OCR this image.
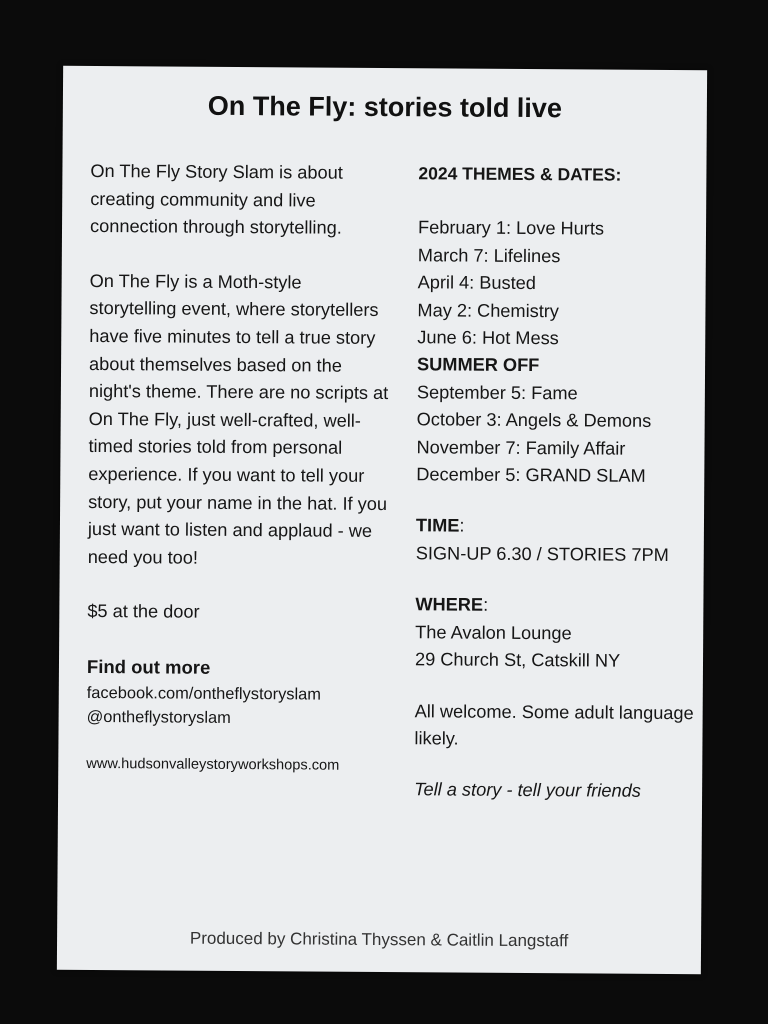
On The Fly: stories told live

On The Fly Story Slam is about creating community and live connection through storytelling.

On The Fly is a Moth-style storytelling event, where storytellers have five minutes to tell a true story about themselves based on the night's theme. There are no scripts at On The Fly, just well-crafted, well-timed stories told from personal experience. If you want to tell your story, put your name in the hat. If you just want to listen and applaud - we need you too!

$5 at the door

Find out more
facebook.com/ontheflystoryslam
@ontheflystoryslam
www.hudsonvalleystoryworkshops.com
2024 THEMES & DATES:
February 1: Love Hurts
March 7: Lifelines
April 4: Busted
May 2: Chemistry
June 6: Hot Mess
SUMMER OFF
September 5: Fame
October 3: Angels & Demons
November 7: Family Affair
December 5: GRAND SLAM
TIME:
SIGN-UP 6.30 / STORIES 7PM
WHERE:
The Avalon Lounge
29 Church St, Catskill NY
All welcome. Some adult language likely.
Tell a story - tell your friends
Produced by Christina Thyssen & Caitlin Langstaff
